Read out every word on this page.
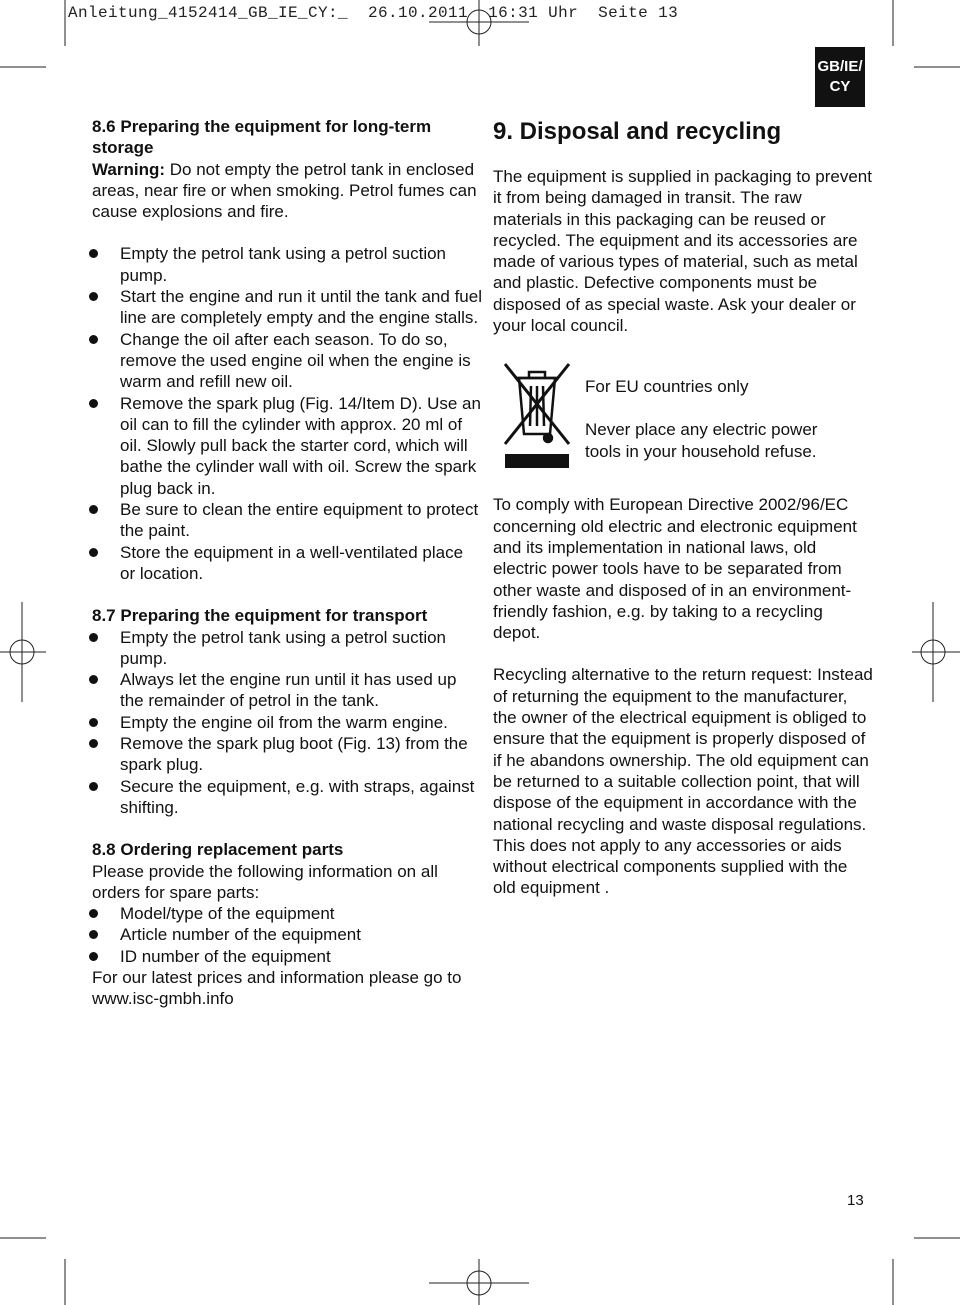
Anleitung_4152414_GB_IE_CY:_  26.10.2011  16:31 Uhr  Seite 13
GB/IE/
CY

8.6 Preparing the equipment for long-term storage

Warning: Do not empty the petrol tank in enclosed areas, near fire or when smoking. Petrol fumes can cause explosions and fire.

Empty the petrol tank using a petrol suction pump.
Start the engine and run it until the tank and fuel line are completely empty and the engine stalls.
Change the oil after each season. To do so, remove the used engine oil when the engine is warm and refill new oil.
Remove the spark plug (Fig. 14/Item D). Use an oil can to fill the cylinder with approx. 20 ml of oil. Slowly pull back the starter cord, which will bathe the cylinder wall with oil. Screw the spark plug back in.
Be sure to clean the entire equipment to protect the paint.
Store the equipment in a well-ventilated place or location.

8.7 Preparing the equipment for transport

Empty the petrol tank using a petrol suction pump.
Always let the engine run until it has used up the remainder of petrol in the tank.
Empty the engine oil from the warm engine.
Remove the spark plug boot (Fig. 13) from the spark plug.
Secure the equipment, e.g. with straps, against shifting.

8.8 Ordering replacement parts

Please provide the following information on all orders for spare parts:

Model/type of the equipment
Article number of the equipment
ID number of the equipment

For our latest prices and information please go to www.isc-gmbh.info

9. Disposal and recycling

The equipment is supplied in packaging to prevent it from being damaged in transit. The raw materials in this packaging can be reused or recycled. The equipment and its accessories are made of various types of material, such as metal and plastic. Defective components must be disposed of as special waste. Ask your dealer or your local council.

For EU countries only

Never place any electric power tools in your household refuse.

To comply with European Directive 2002/96/EC concerning old electric and electronic equipment and its implementation in national laws, old electric power tools have to be separated from other waste and disposed of in an environment-friendly fashion, e.g. by taking to a recycling depot.

Recycling alternative to the return request: Instead of returning the equipment to the manufacturer, the owner of the electrical equipment is obliged to ensure that the equipment is properly disposed of if he abandons ownership. The old equipment can be returned to a suitable collection point, that will dispose of the equipment in accordance with the national recycling and waste disposal regulations. This does not apply to any accessories or aids without electrical components supplied with the old equipment .

13
